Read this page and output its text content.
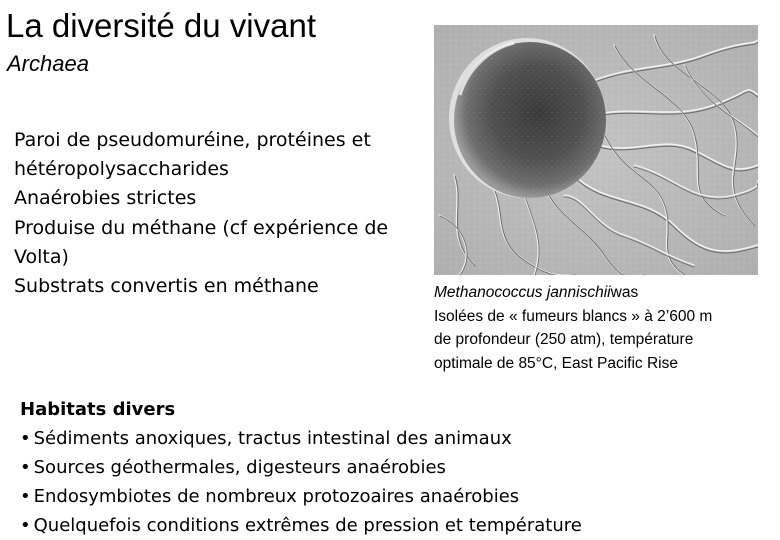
La diversité du vivant
Archaea
Paroi de pseudomuréine, protéines et
hétéropolysaccharides
Anaérobies strictes
Produise du méthane (cf expérience de
Volta)
Substrats convertis en méthane	Methanococcus jannischiiwas
Isolées de « fumeurs blancs » à 2’600 m
de profondeur (250 atm), température
optimale de 85°C, East Pacific Rise
Habitats divers
• Sédiments anoxiques, tractus intestinal des animaux
• Sources géothermales, digesteurs anaérobies
• Endosymbiotes de nombreux protozoaires anaérobies
• Quelquefois conditions extrêmes de pression et température
